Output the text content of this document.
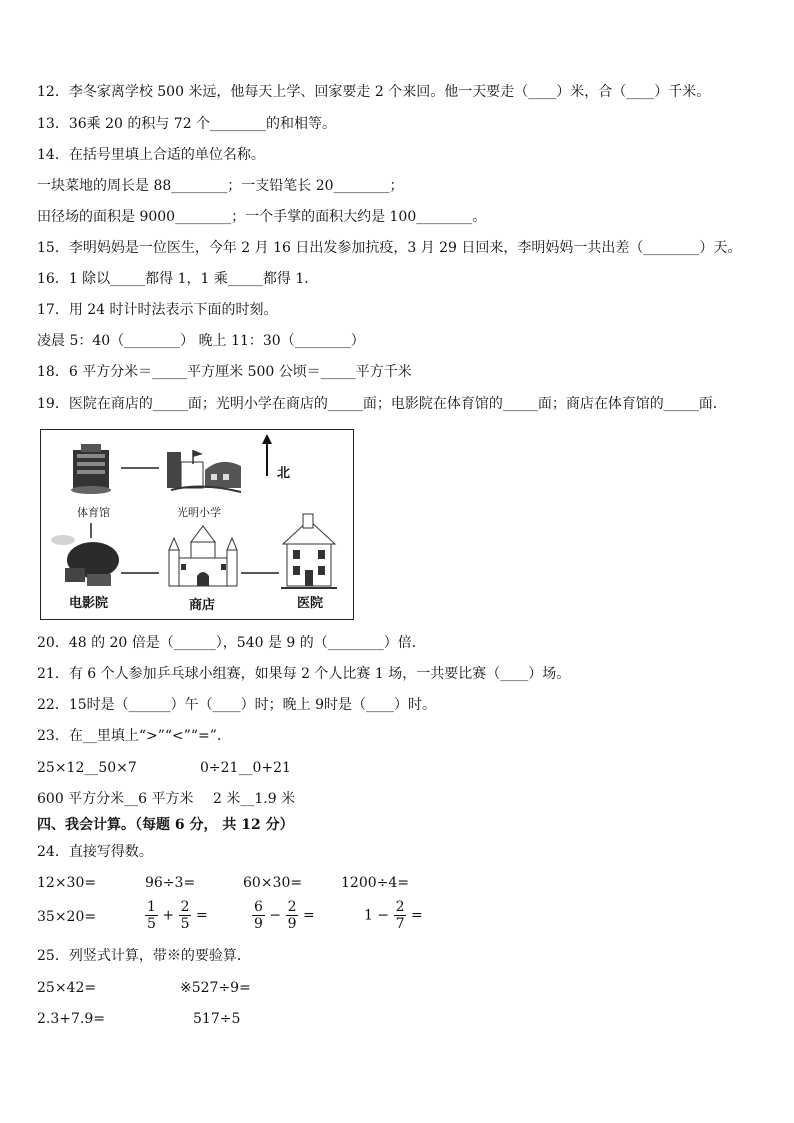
12．李冬家离学校 500 米远，他每天上学、回家要走 2 个来回。他一天要走（____）米，合（____）千米。
13．36乘 20 的积与 72 个________的和相等。
14．在括号里填上合适的单位名称。
一块菜地的周长是 88________；一支铅笔长 20________；
田径场的面积是 9000________；一个手掌的面积大约是 100________。
15．李明妈妈是一位医生，今年 2 月 16 日出发参加抗疫，3 月 29 日回来，李明妈妈一共出差（________）天。
16．1 除以_____都得 1，1 乘_____都得 1．
17．用 24 时计时法表示下面的时刻。
凌晨 5：40（________） 晚上 11：30（________）
18．6 平方分米＝_____平方厘米 500 公顷＝_____平方千米
19．医院在商店的_____面；光明小学在商店的_____面；电影院在体育馆的_____面；商店在体育馆的_____面．
体育馆	光明小学
北
电影院	商店	医院
20．48 的 20 倍是（______），540 是 9 的（________）倍．
21．有 6 个人参加乒乓球小组赛，如果每 2 个人比赛 1 场，一共要比赛（____）场。
22．15时是（______）午（____）时；晚上 9时是（____）时。
23．在__里填上“>”“<”“=”．
25×12__50×7	0÷21__0+21
600 平方分米__6 平方米 2 米__1.9 米
四、我会计算。（每题 6 分， 共 12 分）
24．直接写得数。
12×30=	96÷3=	60×30=	1200÷4=
35×20=	$\frac{1}{5} + \frac{2}{5}$ =	$\frac{6}{9} - \frac{2}{9}$ =	$1 - \frac{2}{7}$ =
25．列竖式计算，带※的要验算．
25×42=	※527÷9=
2.3+7.9=	517÷5
